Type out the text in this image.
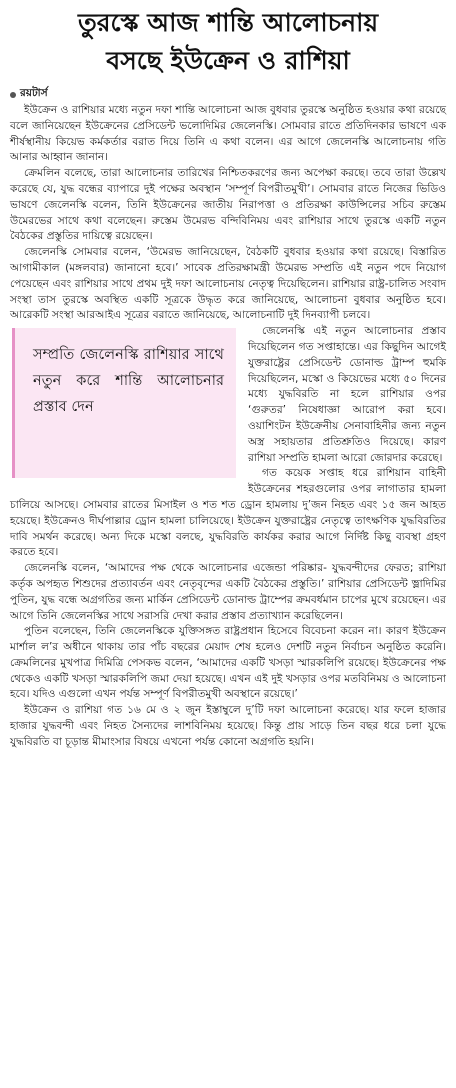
তুরস্কে আজ শান্তি আলোচনায়
বসছে ইউক্রেন ও রাশিয়া
রয়টার্স

ইউক্রেন ও রাশিয়ার মধ্যে নতুন দফা শান্তি আলোচনা আজ বুধবার তুরস্কে অনুষ্ঠিত হওয়ার কথা রয়েছে বলে জানিয়েছেন ইউক্রেনের প্রেসিডেন্ট ভলোদিমির জেলেনস্কি। সোমবার রাতে প্রতিদিনকার ভাষণে এক শীর্ষস্থানীয় কিয়েভ কর্মকর্তার বরাত দিয়ে তিনি এ কথা বলেন। এর আগে জেলেনস্কি আলোচনায় গতি আনার আহ্বান জানান।

ক্রেমলিন বলেছে, তারা আলোচনার তারিখের নিশ্চিতকরণের জন্য অপেক্ষা করছে। তবে তারা উল্লেখ করেছে যে, যুদ্ধ বন্ধের ব্যাপারে দুই পক্ষের অবস্থান ‘সম্পূর্ণ বিপরীতমুখী’। সোমবার রাতে নিজের ভিডিও ভাষণে জেলেনস্কি বলেন, তিনি ইউক্রেনের জাতীয় নিরাপত্তা ও প্রতিরক্ষা কাউন্সিলের সচিব রুস্তেম উমেরভের সাথে কথা বলেছেন। রুস্তেম উমেরভ বন্দিবিনিময় এবং রাশিয়ার সাথে তুরস্কে একটি নতুন বৈঠকের প্রস্তুতির দায়িত্বে রয়েছেন।

জেলেনস্কি সোমবার বলেন, ‘উমেরভ জানিয়েছেন, বৈঠকটি বুধবার হওয়ার কথা রয়েছে। বিস্তারিত আগামীকাল (মঙ্গলবার) জানানো হবে।’ সাবেক প্রতিরক্ষামন্ত্রী উমেরভ সম্প্রতি এই নতুন পদে নিয়োগ পেয়েছেন এবং রাশিয়ার সাথে প্রথম দুই দফা আলোচনায় নেতৃত্ব দিয়েছিলেন। রাশিয়ার রাষ্ট্র-চালিত সংবাদ সংস্থা তাস তুরস্কে অবস্থিত একটি সূত্রকে উদ্ধৃত করে জানিয়েছে, আলোচনা বুধবার অনুষ্ঠিত হবে। আরেকটি সংস্থা আরআইএ সূত্রের বরাতে জানিয়েছে, আলোচনাটি দুই দিনব্যাপী চলবে।

সম্প্রতি জেলেনস্কি রাশিয়ার সাথে নতুন করে শান্তি আলোচনার প্রস্তাব দেন

জেলেনস্কি এই নতুন আলোচনার প্রস্তাব দিয়েছিলেন গত সপ্তাহান্তে। এর কিছুদিন আগেই যুক্তরাষ্ট্রের প্রেসিডেন্ট ডোনাল্ড ট্রাম্প হুমকি দিয়েছিলেন, মস্কো ও কিয়েভের মধ্যে ৫০ দিনের মধ্যে যুদ্ধবিরতি না হলে রাশিয়ার ওপর ‘গুরুতর’ নিষেধাজ্ঞা আরোপ করা হবে। ওয়াশিংটন ইউক্রেনীয় সেনাবাহিনীর জন্য নতুন অস্ত্র সহায়তার প্রতিশ্রুতিও দিয়েছে। কারণ রাশিয়া সম্প্রতি হামলা আরো জোরদার করেছে।

গত কয়েক সপ্তাহ ধরে রাশিয়ান বাহিনী ইউক্রেনের শহরগুলোর ওপর লাগাতার হামলা চালিয়ে আসছে। সোমবার রাতের মিসাইল ও শত শত ড্রোন হামলায় দু’জন নিহত এবং ১৫ জন আহত হয়েছে। ইউক্রেনও দীর্ঘপাল্লার ড্রোন হামলা চালিয়েছে। ইউক্রেন যুক্তরাষ্ট্রের নেতৃত্বে তাৎক্ষণিক যুদ্ধবিরতির দাবি সমর্থন করেছে। অন্য দিকে মস্কো বলছে, যুদ্ধবিরতি কার্যকর করার আগে নির্দিষ্ট কিছু ব্যবস্থা গ্রহণ করতে হবে।

জেলেনস্কি বলেন, ‘আমাদের পক্ষ থেকে আলোচনার এজেন্ডা পরিষ্কার- যুদ্ধবন্দীদের ফেরত; রাশিয়া কর্তৃক অপহৃত শিশুদের প্রত্যাবর্তন এবং নেতৃবৃন্দের একটি বৈঠকের প্রস্তুতি।’ রাশিয়ার প্রেসিডেন্ট ভ্লাদিমির পুতিন, যুদ্ধ বন্ধে অগ্রগতির জন্য মার্কিন প্রেসিডেন্ট ডোনাল্ড ট্রাম্পের ক্রমবর্ধমান চাপের মুখে রয়েছেন। এর আগে তিনি জেলেনস্কির সাথে সরাসরি দেখা করার প্রস্তাব প্রত্যাখ্যান করেছিলেন।

পুতিন বলেছেন, তিনি জেলেনস্কিকে যুক্তিসঙ্গত রাষ্ট্রপ্রধান হিসেবে বিবেচনা করেন না। কারণ ইউক্রেন মার্শাল ল’র অধীনে থাকায় তার পাঁচ বছরের মেয়াদ শেষ হলেও দেশটি নতুন নির্বাচন অনুষ্ঠিত করেনি। ক্রেমলিনের মুখপাত্র দিমিত্রি পেসকভ বলেন, ‘আমাদের একটি খসড়া স্মারকলিপি রয়েছে। ইউক্রেনের পক্ষ থেকেও একটি খসড়া স্মারকলিপি জমা দেয়া হয়েছে। এখন এই দুই খসড়ার ওপর মতবিনিময় ও আলোচনা হবে। যদিও এগুলো এখন পর্যন্ত সম্পূর্ণ বিপরীতমুখী অবস্থানে রয়েছে।’

ইউক্রেন ও রাশিয়া গত ১৬ মে ও ২ জুন ইস্তাম্বুলে দু’টি দফা আলোচনা করেছে। যার ফলে হাজার হাজার যুদ্ধবন্দী এবং নিহত সৈন্যদের লাশবিনিময় হয়েছে। কিন্তু প্রায় সাড়ে তিন বছর ধরে চলা যুদ্ধে যুদ্ধবিরতি বা চূড়ান্ত মীমাংসার বিষয়ে এখনো পর্যন্ত কোনো অগ্রগতি হয়নি।
